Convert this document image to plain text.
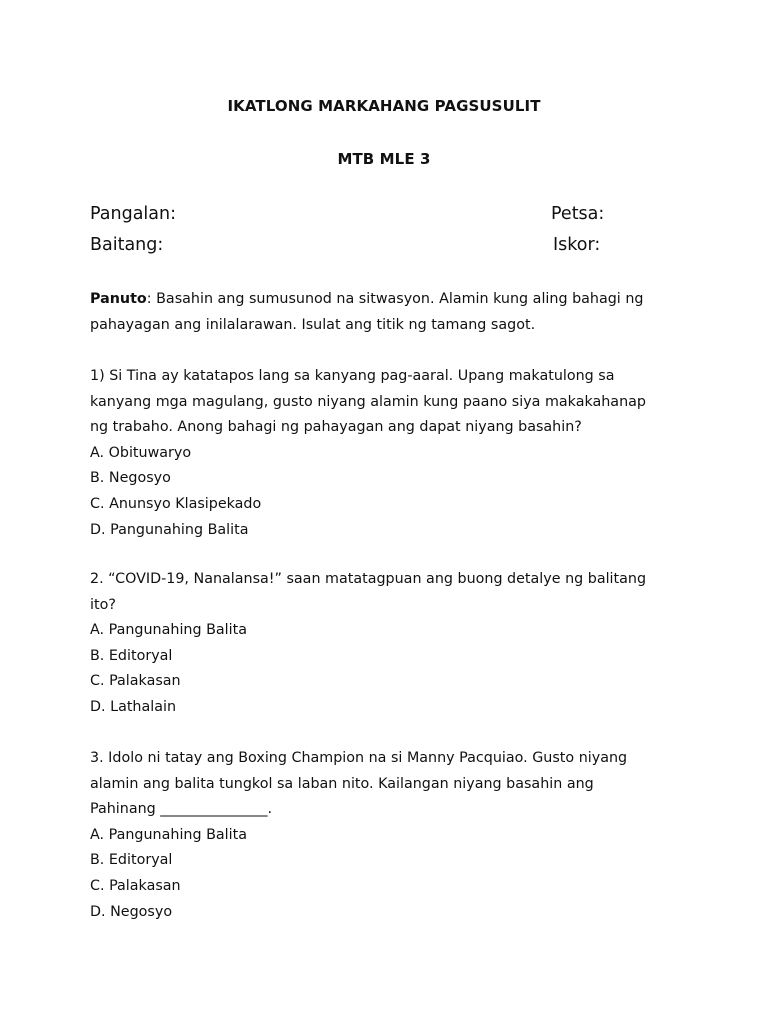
IKATLONG MARKAHANG PAGSUSULIT
MTB MLE 3
Pangalan:	Petsa:
Baitang:	Iskor:
Panuto: Basahin ang sumusunod na sitwasyon. Alamin kung aling bahagi ng
pahayagan ang inilalarawan. Isulat ang titik ng tamang sagot.
1) Si Tina ay katatapos lang sa kanyang pag-aaral. Upang makatulong sa
kanyang mga magulang, gusto niyang alamin kung paano siya makakahanap
ng trabaho. Anong bahagi ng pahayagan ang dapat niyang basahin?
A. Obituwaryo
B. Negosyo
C. Anunsyo Klasipekado
D. Pangunahing Balita
2. “COVID-19, Nanalansa!” saan matatagpuan ang buong detalye ng balitang
ito?
A. Pangunahing Balita
B. Editoryal
C. Palakasan
D. Lathalain
3. Idolo ni tatay ang Boxing Champion na si Manny Pacquiao. Gusto niyang
alamin ang balita tungkol sa laban nito. Kailangan niyang basahin ang
Pahinang _______________.
A. Pangunahing Balita
B. Editoryal
C. Palakasan
D. Negosyo
